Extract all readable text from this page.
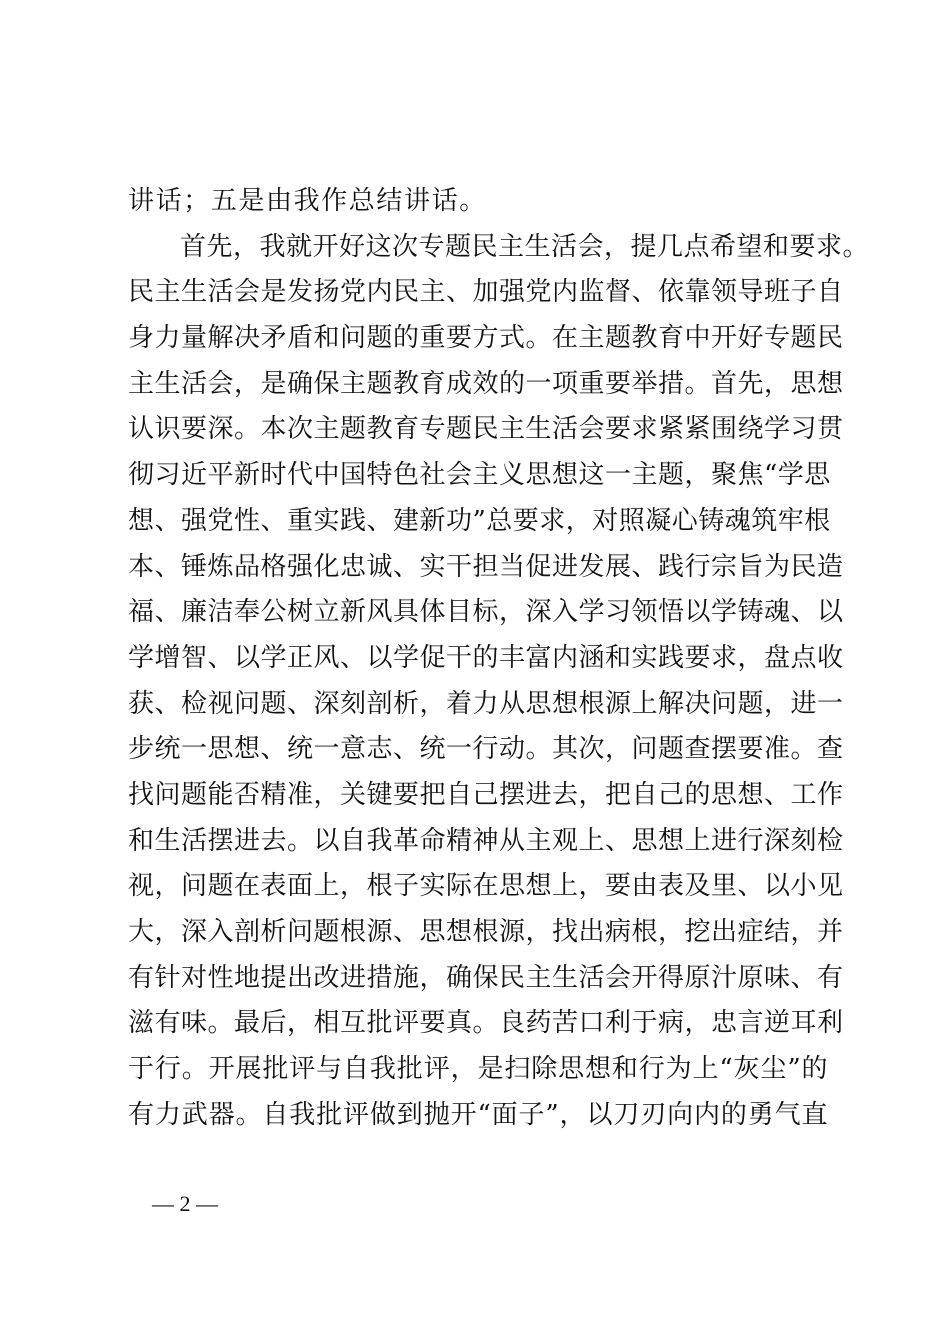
讲话；五是由我作总结讲话。
首先，我就开好这次专题民主生活会，提几点希望和要求。
民主生活会是发扬党内民主、加强党内监督、依靠领导班子自
身力量解决矛盾和问题的重要方式。在主题教育中开好专题民
主生活会，是确保主题教育成效的一项重要举措。首先，思想
认识要深。本次主题教育专题民主生活会要求紧紧围绕学习贯
彻习近平新时代中国特色社会主义思想这一主题，聚焦“学思
想、强党性、重实践、建新功”总要求，对照凝心铸魂筑牢根
本、锤炼品格强化忠诚、实干担当促进发展、践行宗旨为民造
福、廉洁奉公树立新风具体目标，深入学习领悟以学铸魂、以
学增智、以学正风、以学促干的丰富内涵和实践要求，盘点收
获、检视问题、深刻剖析，着力从思想根源上解决问题，进一
步统一思想、统一意志、统一行动。其次，问题查摆要准。查
找问题能否精准，关键要把自己摆进去，把自己的思想、工作
和生活摆进去。以自我革命精神从主观上、思想上进行深刻检
视，问题在表面上，根子实际在思想上，要由表及里、以小见
大，深入剖析问题根源、思想根源，找出病根，挖出症结，并
有针对性地提出改进措施，确保民主生活会开得原汁原味、有
滋有味。最后，相互批评要真。良药苦口利于病，忠言逆耳利
于行。开展批评与自我批评，是扫除思想和行为上“灰尘”的
有力武器。自我批评做到抛开“面子”，以刀刃向内的勇气直
— 2 —
